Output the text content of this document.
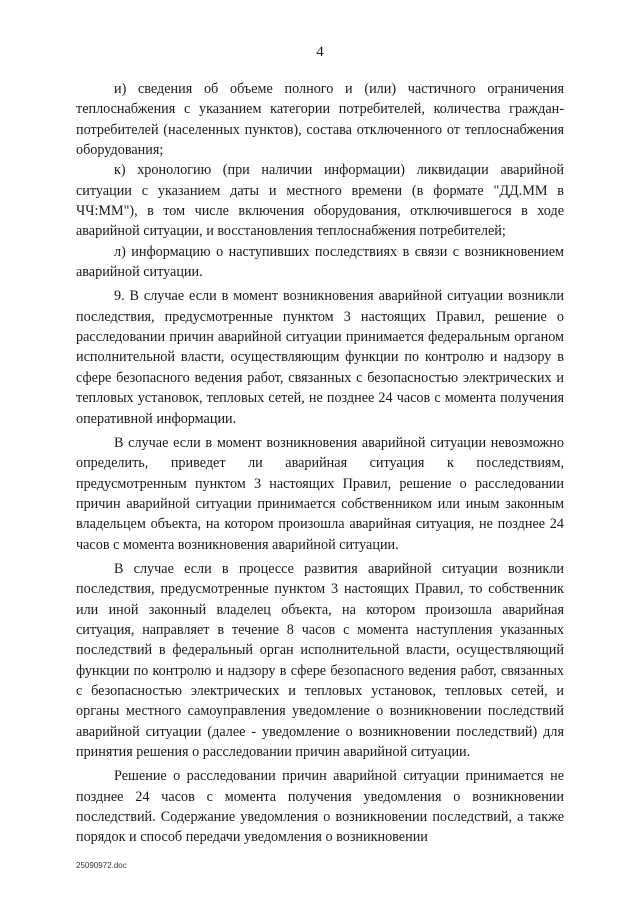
4

и) сведения об объеме полного и (или) частичного ограничения теплоснабжения с указанием категории потребителей, количества граждан-потребителей (населенных пунктов), состава отключенного от теплоснабжения оборудования;

к) хронологию (при наличии информации) ликвидации аварийной ситуации с указанием даты и местного времени (в формате "ДД.ММ в ЧЧ:ММ"), в том числе включения оборудования, отключившегося в ходе аварийной ситуации, и восстановления теплоснабжения потребителей;

л) информацию о наступивших последствиях в связи с возникновением аварийной ситуации.

9. В случае если в момент возникновения аварийной ситуации возникли последствия, предусмотренные пунктом 3 настоящих Правил, решение о расследовании причин аварийной ситуации принимается федеральным органом исполнительной власти, осуществляющим функции по контролю и надзору в сфере безопасного ведения работ, связанных с безопасностью электрических и тепловых установок, тепловых сетей, не позднее 24 часов с момента получения оперативной информации.

В случае если в момент возникновения аварийной ситуации невозможно определить, приведет ли аварийная ситуация к последствиям, предусмотренным пунктом 3 настоящих Правил, решение о расследовании причин аварийной ситуации принимается собственником или иным законным владельцем объекта, на котором произошла аварийная ситуация, не позднее 24 часов с момента возникновения аварийной ситуации.

В случае если в процессе развития аварийной ситуации возникли последствия, предусмотренные пунктом 3 настоящих Правил, то собственник или иной законный владелец объекта, на котором произошла аварийная ситуация, направляет в течение 8 часов с момента наступления указанных последствий в федеральный орган исполнительной власти, осуществляющий функции по контролю и надзору в сфере безопасного ведения работ, связанных с безопасностью электрических и тепловых установок, тепловых сетей, и органы местного самоуправления уведомление о возникновении последствий аварийной ситуации (далее - уведомление о возникновении последствий) для принятия решения о расследовании причин аварийной ситуации.

Решение о расследовании причин аварийной ситуации принимается не позднее 24 часов с момента получения уведомления о возникновении последствий. Содержание уведомления о возникновении последствий, а также порядок и способ передачи уведомления о возникновении

25090972.doc
